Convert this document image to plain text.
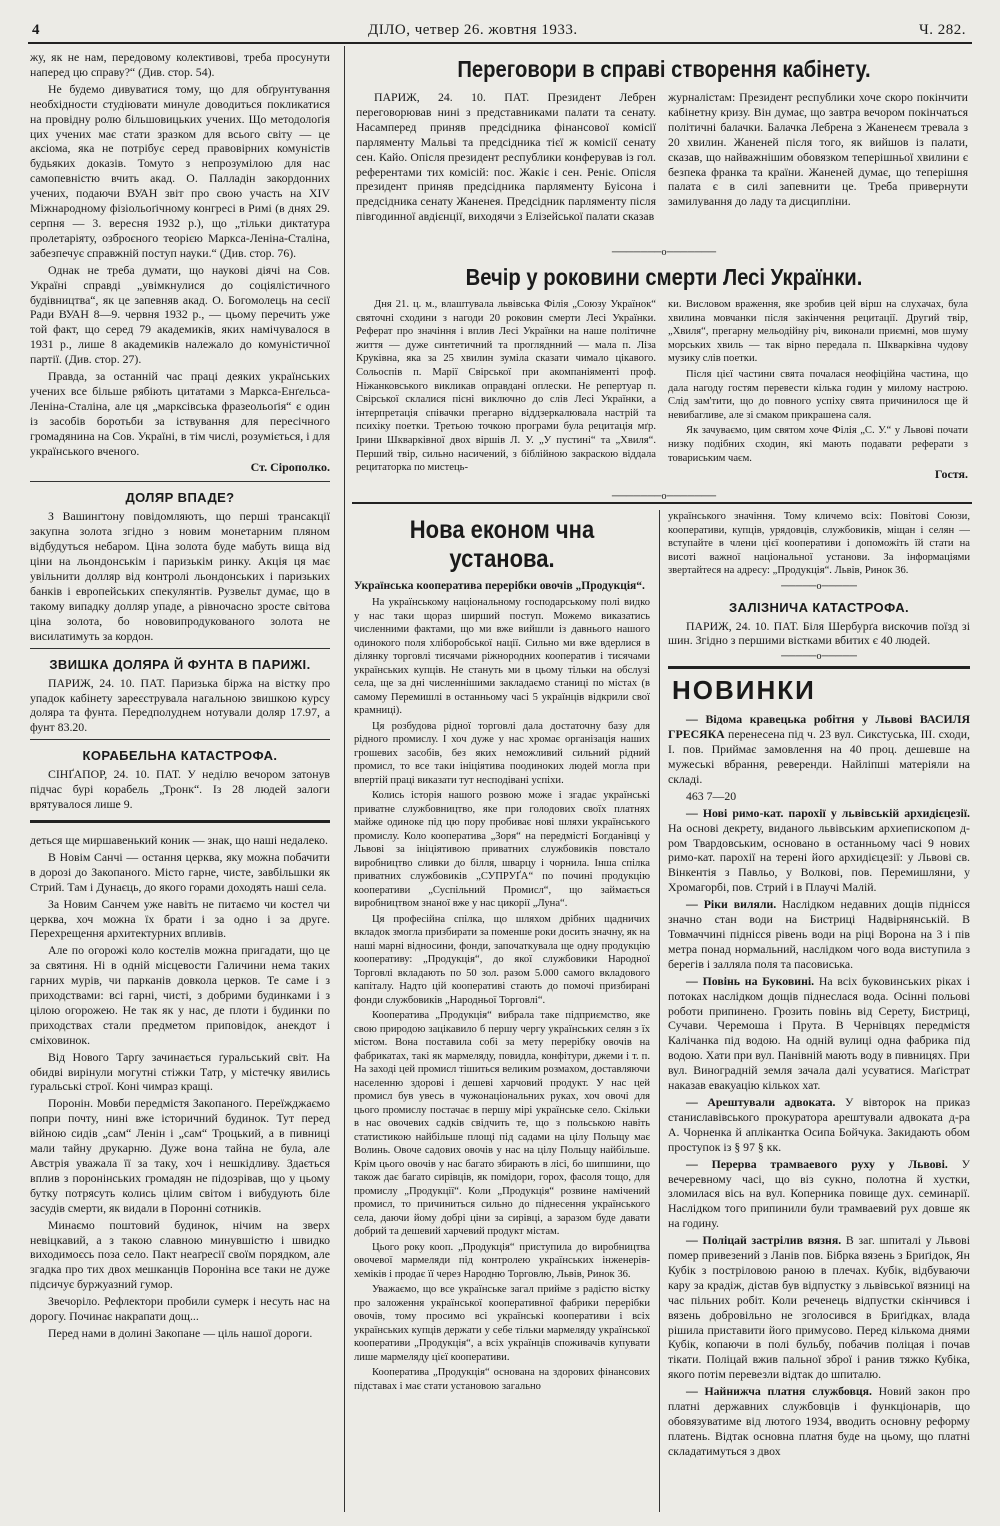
4	ДІЛО, четвер 26. жовтня 1933.	Ч. 282.

жу, як не нам, передовому колективові, треба просунути наперед цю справу?“ (Див. стор. 54).

Не будемо дивуватися тому, що для обґрунтування необхідности студіювати минуле доводиться покликатися на провідну ролю більшовицьких учених. Що методолоґія цих учених має стати зразком для всього світу — це аксіома, яка не потрібує серед правовірних комуністів будьяких доказів. Томуто з непрозумілою для нас самопевністю вчить акад. О. Палладін закордонних учених, подаючи ВУАН звіт про свою участь на XIV Міжнародному фізіольоґічному конгресі в Римі (в днях 29. серпня — 3. вересня 1932 р.), що „тільки диктатура пролетаріяту, озброєного теорією Маркса-Леніна-Сталіна, забезпечує справжній поступ науки.“ (Див. стор. 76).

Однак не треба думати, що наукові діячі на Сов. Україні справді „увімкнулися до соціялістичного будівництва“, як це запевняв акад. О. Богомолець на сесії Ради ВУАН 8—9. червня 1932 р., — цьому перечить уже той факт, що серед 79 академиків, яких намічувалося в 1931 р., лише 8 академиків належало до комуністичної партії. (Див. стор. 27).

Правда, за останній час праці деяких українських учених все більше рябіють цитатами з Маркса-Енґельса-Леніна-Сталіна, але ця „марксівська фразеольоґія“ є один із засобів боротьби за іствування для пересічного громадянина на Сов. Україні, в тім числі, розуміється, і для українського вченого.

Ст. Сірополко.
ДОЛЯР ВПАДЕ?

З Вашинґтону повідомляють, що перші трансакції закупна золота згідно з новим монетарним пляном відбудуться небаром. Ціна золота буде мабуть вища від ціни на льондонськім і паризькім ринку. Акція ця має увільнити долляр від контролі льондонських і паризьких банків і европейських спекулянтів. Рузвельт думає, що в такому випадку долляр упаде, а рівночасно зросте світова ціна золота, бо нововипродукованого золота не висилатимуть за кордон.

ЗВИШКА ДОЛЯРА Й ФУНТА В ПАРИЖІ.

ПАРИЖ, 24. 10. ПАТ. Паризька біржа на вістку про упадок кабінету зареєструвала нагальною звишкою курсу доляра та фунта. Передполуднем нотували доляр 17.97, а фунт 83.20.

КОРАБЕЛЬНА КАТАСТРОФА.

СІНҐАПОР, 24. 10. ПАТ. У неділю вечором затонув підчас бурі корабель „Тронк“. Із 28 людей залоги врятувалося лише 9.

деться ще миршавенький коник — знак, що наші недалеко.

В Новім Санчі — остання церква, яку можна побачити в дорозі до Закопаного. Місто гарне, чисте, завбільшки як Стрий. Там і Дунаєць, до якого горами доходять наші села.

За Новим Санчем уже навіть не питаємо чи костел чи церква, хоч можна їх брати і за одно і за друге. Перехрещення архитектурних впливів.

Але по огорожі коло костелів можна пригадати, що це за святиня. Ні в одній місцевости Галичини нема таких гарних мурів, чи парканів довкола церков. Те саме і з приходствами: всі гарні, чисті, з добрими будинками і з цілою огорожею. Не так як у нас, де плоти і будинки по приходствах стали предметом приповідок, анекдот і сміховинок.

Від Нового Тарґу зачинається ґуральський світ. На обидві вирінули могутні стіжки Татр, у містечку явились ґуральські строї. Коні чимраз кращі.

Поронін. Мовби передмістя Закопаного. Переїжджаємо попри почту, нині вже історичний будинок. Тут перед війною сидів „сам“ Ленін і „сам“ Троцький, а в пивниці мали тайну друкарню. Дуже вона тайна не була, але Австрія уважала її за таку, хоч і нешкідливу. Здається вплив з поронінських громадян не підозрівав, що у цьому бутку потрясуть колись цілим світом і вибудують біле засудів смерти, як видали в Поронні сотників.

Минаємо поштовий будинок, нічим на зверх невіцкавий, а з такою славною минувшістю і швидко виходимоєсь поза село. Пакт неаґресії своїм порядком, але згадка про тих двох мешканців Пороніна все таки не дуже підсичує буржуазний гумор.

Звечоріло. Рефлектори пробили сумерк і несуть нас на дорогу. Починає накрапати дощ...

Перед нами в долині Закопане — ціль нашої дороги.

Переговори в справі створення кабінету.

ПАРИЖ, 24. 10. ПАТ. Президент Лебрен переговорював нині з представниками палати та сенату. Насамперед приняв предсідника фінансової комісії парляменту Мальві та предсідника тієї ж комісії сенату сен. Кайо. Опісля президент республики конферував із гол. референтами тих комісій: пос. Жакіє і сен. Реніє. Опісля президент приняв предсідника парляменту Буісона і предсідника сенату Жаненея. Предсідник парляменту після півгодинної авдієнції, виходячи з Елізейської палати сказав

журналістам: Президент республики хоче скоро покінчити кабінетну кризу. Він думає, що завтра вечором покінчаться політичні балачки. Балачка Лебрена з Жаненеєм тревала з 20 хвилин. Жаненей після того, як вийшов із палати, сказав, що найважнішим обовязком теперішньої хвилини є безпека франка та країни. Жаненей думає, що теперішня палата є в силі запевнити це. Треба привернути замилування до ладу та дисципліни.

───────o───────
Вечір у роковини смерти Лесі Українки.

Дня 21. ц. м., влаштувала львівська Філія „Союзу Українок“ святочні сходини з нагоди 20 роковин смерти Лесі Українки. Реферат про значіння і вплив Лесі Українки на наше політичне життя — дуже синтетичний та прогляднний — мала п. Ліза Круківна, яка за 25 хвилин зуміла сказати чимало цікавого. Сольоспів п. Марії Свірської при акомпаніяменті проф. Ніжанковського викликав оправдані оплески. Не репертуар п. Свірської склалися пісні виключно до слів Лесі Українки, а інтерпретація співачки прегарно віддзеркалювала настрій та психіку поетки. Третьою точкою програми була рецитація мґр. Ірини Шкварківної двох віршів Л. У. „У пустині“ та „Хвиля“. Перший твір, сильно насичений, з біблійною закраскою віддала рецитаторка по мистець-

ки. Висловом враження, яке зробив цей вірш на слухачах, була хвилина мовчанки після закінчення рецитації. Другий твір, „Хвиля“, прегарну мельодійну річ, виконали приємні, мов шуму морських хвиль — так вірно передала п. Шкварківна чудову музику слів поетки.

Після цієї частини свята почалася неофіційна частина, що дала нагоду гостям перевести кілька годин у милому настрою. Слід зам'тити, що до повного успіху свята причинилося ще й невибагливе, але зі смаком прикрашена саля.

Як зачуваємо, цим святом хоче Філія „С. У.“ у Львові почати низку подібних сходин, які мають подавати реферати з товариським чаєм.

Гостя.
───────o───────
Нова економ чна установа.
Українська кооператива перерібки овочів „Продукція“.

На українському національному господарському полі видко у нас таки щораз ширший поступ. Можемо виказатись численними фактами, що ми вже вийшли із давнього нашого одинокого поля хліборобської нації. Сильно ми вже вдерлися в ділянку торговлі тисячами ріжнородних кооператив і тисячами українських купців. Не стануть ми в цьому тільки на обслузі села, ще за дні численнішими закладаємо станиці по містах (в самому Перемишлі в останньому часі 5 українців відкрили свої крамниці).

Ця розбудова рідної торговлі дала достаточну базу для рідного промислу. І хоч дуже у нас хромає організація наших грошевих засобів, без яких неможливий сильний рідний промисл, то все таки ініціятива поодиноких людей могла при впертій праці виказати тут несподівані успіхи.

Колись історія нашого розвою може і згадає українські приватне службовництво, яке при голодових своїх платнях майже одиноке під цю пору пробиває нові шляхи українського промислу. Коло кооператива „Зоря“ на передмісті Богданівці у Львові за ініціятивою приватних службовиків повстало виробництво сливки до білля, шварцу і чорнила. Інша спілка приватних службовиків „СУПРУҐА“ по почині продукцію кооперативи „Суспільний Промисл“, що займається виробництвом знаної вже у нас цикорії „Луна“.

Ця професійна спілка, що шляхом дрібних щадничих вкладок змогла призбирати за поменше роки досить значну, як на наші марні відносини, фонди, започаткувала ще одну продукцію кооперативу: „Продукція“, до якої службовики Народної Торговлі вкладають по 50 зол. разом 5.000 самого вкладового капіталу. Надто цій кооперативі стають до помочі призбирані фонди службовиків „Народньої Торговлі“.

Кооператива „Продукція“ вибрала таке підприємство, яке свою природою зацікавило б першу чергу українських селян з їх містом. Вона поставила собі за мету перерібку овочів на фабрикатах, такі як мармеляду, повидла, конфітури, джеми і т. п. На заході цей промисл тішиться великим розмахом, доставляючи населенню здорові і дешеві харчовий продукт. У нас цей промисл був увесь в чужонаціональних руках, хоч овочі для цього промислу постачає в першу мірі українське село. Скільки в нас овочевих садків свідчить те, що з польською навіть статистикою найбільше площі під садами на цілу Польщу має Волинь. Овоче садових овочів у нас на цілу Польщу найбільше. Крім цього овочів у нас багато збирають в лісі, бо шипшини, що також дає багато сирівців, як помідори, горох, фасоля тощо, для промислу „Продукції“. Коли „Продукція“ розвине намічений промисл, то причиниться сильно до піднесення українського села, даючи йому добрі ціни за сирівці, а заразом буде давати добрий та дешевий харчевий продукт містам.

Цього року кооп. „Продукція“ приступила до виробництва овочевої мармеляди під контролею українських інженерів-хеміків і продає її через Народню Торговлю, Львів, Ринок 36.

Уважаємо, що все українське загал прийме з радістю вістку про заложення української кооперативної фабрики перерібки овочів, тому просимо всі українські кооперативи і всіх українських купців держати у себе тільки мармеляду української кооперативи „Продукція“, а всіх українців споживачів купувати лише мармеляду цієї кооперативи.

Кооператива „Продукція“ основана на здорових фінансових підставах і має стати установою загально

українського значіння. Тому кличемо всіх: Повітові Союзи, кооперативи, купців, урядовців, службовиків, міщан і селян — вступайте в члени цієї кооперативи і допоможіть їй стати на висоті важної національної установи. За інформаціями звертайтеся на адресу: „Продукція“. Львів, Ринок 36.

─────o─────
ЗАЛІЗНИЧА КАТАСТРОФА.

ПАРИЖ, 24. 10. ПАТ. Біля Шербурґа вискочив поїзд зі шин. Згідно з першими вістками вбитих є 40 людей.

─────o─────
НОВИНКИ

— Відома кравецька робітня у Львові ВАСИЛЯ ГРЕСЯКА перенесена під ч. 23 вул. Сикстуська, ІІІ. сходи, І. пов. Приймає замовлення на 40 проц. дешевше на мужеські вбрання, реверенди. Найліпші матеріяли на складі.

463 7—20

— Нові римо-кат. парохії у львівській архидієцезії. На основі декрету, виданого львівським архиепископом д-ром Твардовським, основано в останньому часі 9 нових римо-кат. парохії на терені його архидієцезії: у Львові св. Вінкентія з Павльо, у Волкові, пов. Перемишляни, у Хромагорбі, пов. Стрий і в Плаучі Малій.

— Ріки виляли. Наслідком недавних дощів піднісся значно стан води на Бистриці Надвірнянській. В Товмаччині піднісся рівень води на ріці Ворона на 3 і пів метра понад нормальний, наслідком чого вода виступила з берегів і залляла поля та пасовиська.

— Повінь на Буковині. На всіх буковинських ріках і потоках наслідком дощів піднеслася вода. Осінні польові роботи припинено. Грозить повінь від Серету, Бистриці, Сучави. Черемоша і Прута. В Чернівцях передмістя Калічанка під водою. На одній вулиці одна фабрика під водою. Хати при вул. Панівній мають воду в пивницях. При вул. Виноградній земля зачала далі усуватися. Маґістрат наказав евакуацію кількох хат.

— Арештували адвоката. У вівторок на приказ станиславівського прокуратора арештували адвоката д-ра А. Чорненка й аплікантка Осипа Бойчука. Закидають обом проступок із § 97 § кк.

— Перерва трамваевого руху у Львові. У вечеревному часі, що віз сукно, полотна й хустки, зломилася вісь на вул. Коперника повище дух. семинарії. Наслідком того припинили були трамваевий рух довше як на годину.

— Поліцай застрілив вязня. В заг. шпиталі у Львові помер привезений з Ланів пов. Бібрка вязень з Бриґідок, Ян Кубік з постріловою раною в плечах. Кубік, відбуваючи кару за крадіж, дістав був відпустку з львівської вязниці на час пільних робіт. Коли реченець відпустки скінчився і вязень добровільно не зголосився в Бриґідках, влада рішила приставити його примусово. Перед кількома днями Кубік, копаючи в полі бульбу, побачив поліцая і почав тікати. Поліцай вжив пальної зброї і ранив тяжко Кубіка, якого потім перевезли відтак до шпиталю.

— Найнижча платня службовця. Новий закон про платні державних службовців і функціонарів, що обовязуватиме від лютого 1934, вводить основну реформу платень. Відтак основна платня буде на цьому, що платні складатимуться з двох
